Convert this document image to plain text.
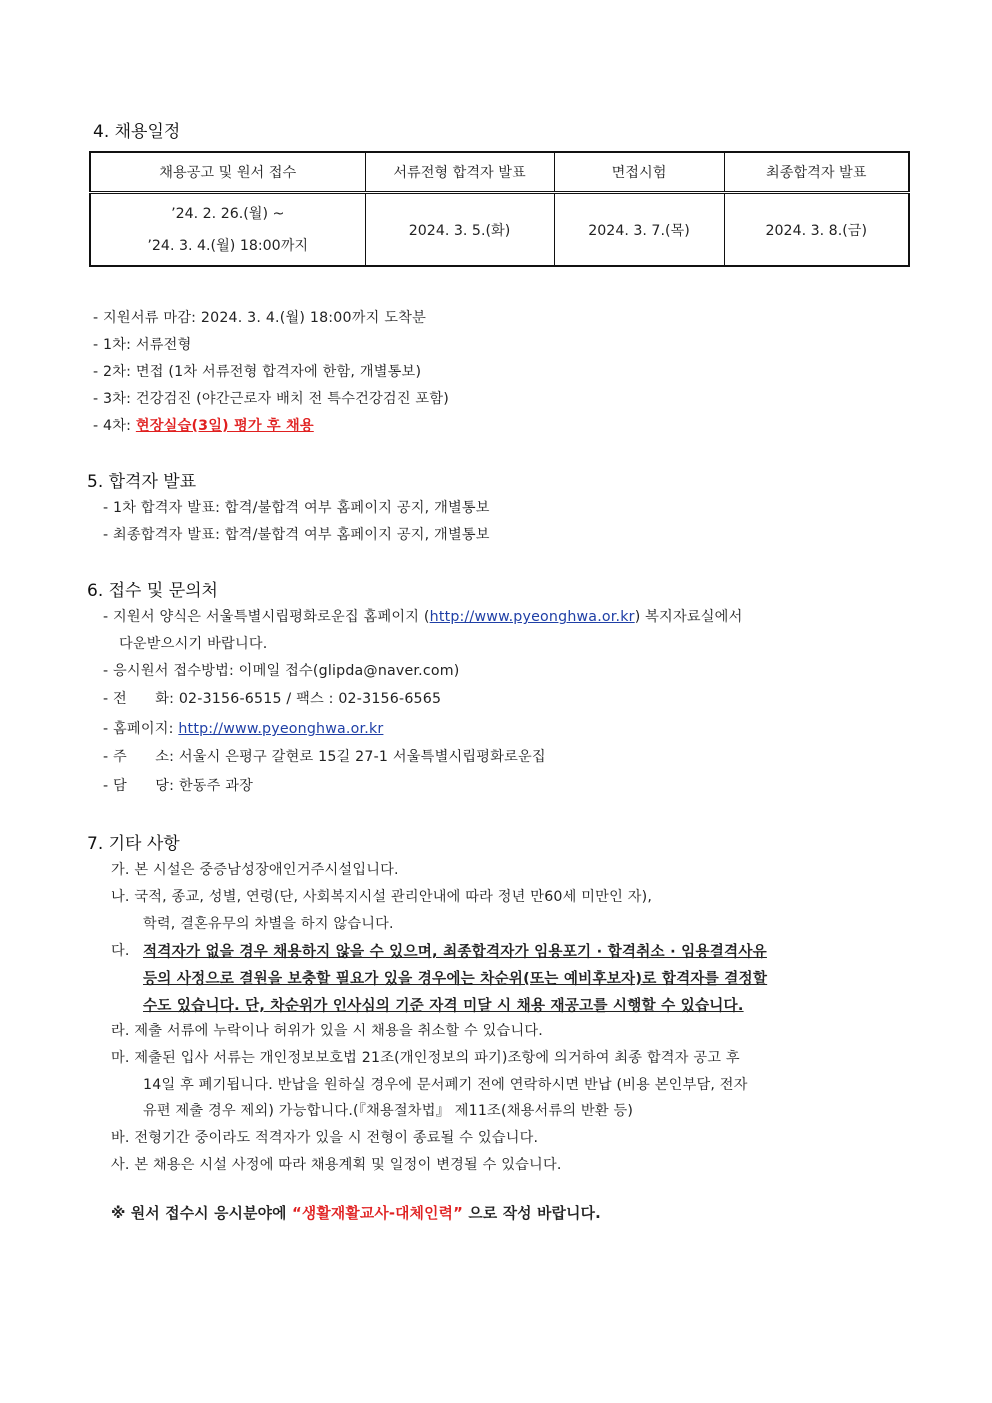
4. 채용일정
채용공고 및 원서 접수	서류전형 합격자 발표	면접시험	최종합격자 발표

’24. 2. 26.(월) ~
’24. 3. 4.(월) 18:00까지	2024. 3. 5.(화)	2024. 3. 7.(목)	2024. 3. 8.(금)
- 지원서류 마감: 2024. 3. 4.(월) 18:00까지 도착분
- 1차: 서류전형
- 2차: 면접 (1차 서류전형 합격자에 한함, 개별통보)
- 3차: 건강검진 (야간근로자 배치 전 특수건강검진 포함)
- 4차: 현장실습(3일) 평가 후 채용
5. 합격자 발표
- 1차 합격자 발표: 합격/불합격 여부 홈페이지 공지, 개별통보
- 최종합격자 발표: 합격/불합격 여부 홈페이지 공지, 개별통보
6. 접수 및 문의처
- 지원서 양식은 서울특별시립평화로운집 홈페이지 (http://www.pyeonghwa.or.kr) 복지자료실에서
다운받으시기 바랍니다.
- 응시원서 접수방법: 이메일 접수(glipda@naver.com)
- 전      화: 02-3156-6515 / 팩스 : 02-3156-6565
- 홈페이지: http://www.pyeonghwa.or.kr
- 주      소: 서울시 은평구 갈현로 15길 27-1 서울특별시립평화로운집
- 담      당: 한동주 과장
7. 기타 사항
가. 본 시설은 중증남성장애인거주시설입니다.
나. 국적, 종교, 성별, 연령(단, 사회복지시설 관리안내에 따라 정년 만60세 미만인 자),
학력, 결혼유무의 차별을 하지 않습니다.
다. 적격자가 없을 경우 채용하지 않을 수 있으며, 최종합격자가 임용포기 · 합격취소 · 임용결격사유
등의 사정으로 결원을 보충할 필요가 있을 경우에는 차순위(또는 예비후보자)로 합격자를 결정할
수도 있습니다. 단, 차순위가 인사심의 기준 자격 미달 시 채용 재공고를 시행할 수 있습니다.
라. 제출 서류에 누락이나 허위가 있을 시 채용을 취소할 수 있습니다.
마. 제출된 입사 서류는 개인정보보호법 21조(개인정보의 파기)조항에 의거하여 최종 합격자 공고 후
14일 후 폐기됩니다. 반납을 원하실 경우에 문서폐기 전에 연락하시면 반납 (비용 본인부담, 전자
유편 제출 경우 제외) 가능합니다.(『채용절차법』 제11조(채용서류의 반환 등)
바. 전형기간 중이라도 적격자가 있을 시 전형이 종료될 수 있습니다.
사. 본 채용은 시설 사정에 따라 채용계획 및 일정이 변경될 수 있습니다.
※ 원서 접수시 응시분야에 “생활재활교사-대체인력” 으로 작성 바랍니다.
